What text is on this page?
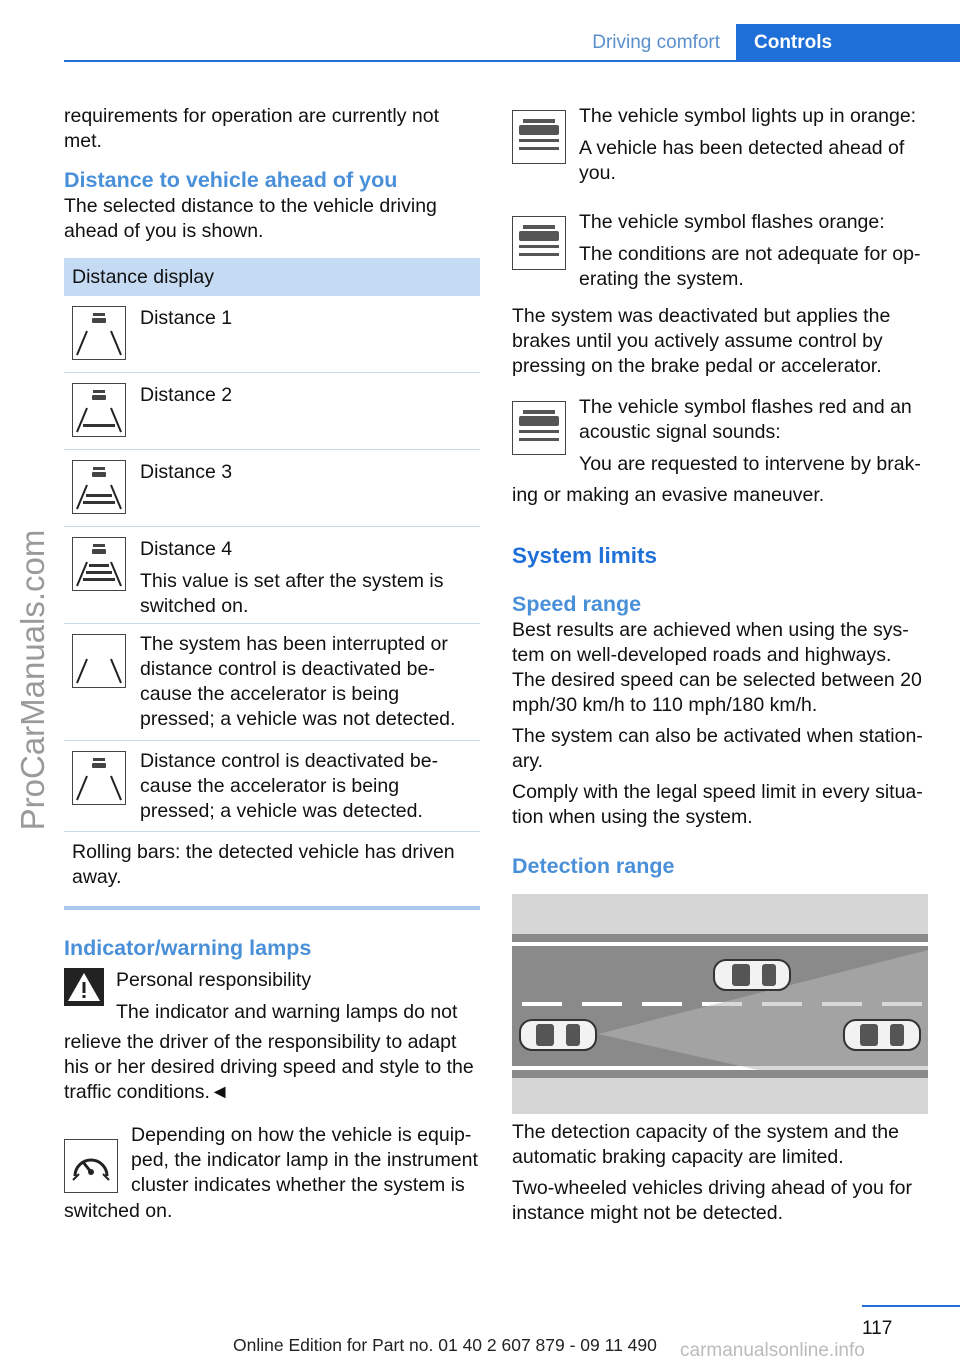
Driving comfort	Controls
ProCarManuals.com

requirements for operation are currently not met.

Distance to vehicle ahead of you

The selected distance to the vehicle driving ahead of you is shown.

Distance display

Distance 1

Distance 2

Distance 3

Distance 4

This value is set after the system is switched on.

The system has been interrupted or distance control is deactivated be-cause the accelerator is being pressed; a vehicle was not detected.

Distance control is deactivated be-cause the accelerator is being pressed; a vehicle was detected.

Rolling bars: the detected vehicle has driven away.

Indicator/warning lamps

Personal responsibility

The indicator and warning lamps do not

relieve the driver of the responsibility to adapt his or her desired driving speed and style to the traffic conditions.◄

Depending on how the vehicle is equip-ped, the indicator lamp in the instrument cluster indicates whether the system is

switched on.

The vehicle symbol lights up in orange:

A vehicle has been detected ahead of you.

The vehicle symbol flashes orange:

The conditions are not adequate for op-erating the system.

The system was deactivated but applies the brakes until you actively assume control by pressing on the brake pedal or accelerator.

The vehicle symbol flashes red and an acoustic signal sounds:

You are requested to intervene by brak-

ing or making an evasive maneuver.

System limits
Speed range

Best results are achieved when using the sys-tem on well-developed roads and highways. The desired speed can be selected between 20 mph/30 km/h to 110 mph/180 km/h.

The system can also be activated when station-ary.

Comply with the legal speed limit in every situa-tion when using the system.

Detection range

The detection capacity of the system and the automatic braking capacity are limited.

Two-wheeled vehicles driving ahead of you for instance might not be detected.

117
Online Edition for Part no. 01 40 2 607 879 - 09 11 490 carmanualsonline.info
